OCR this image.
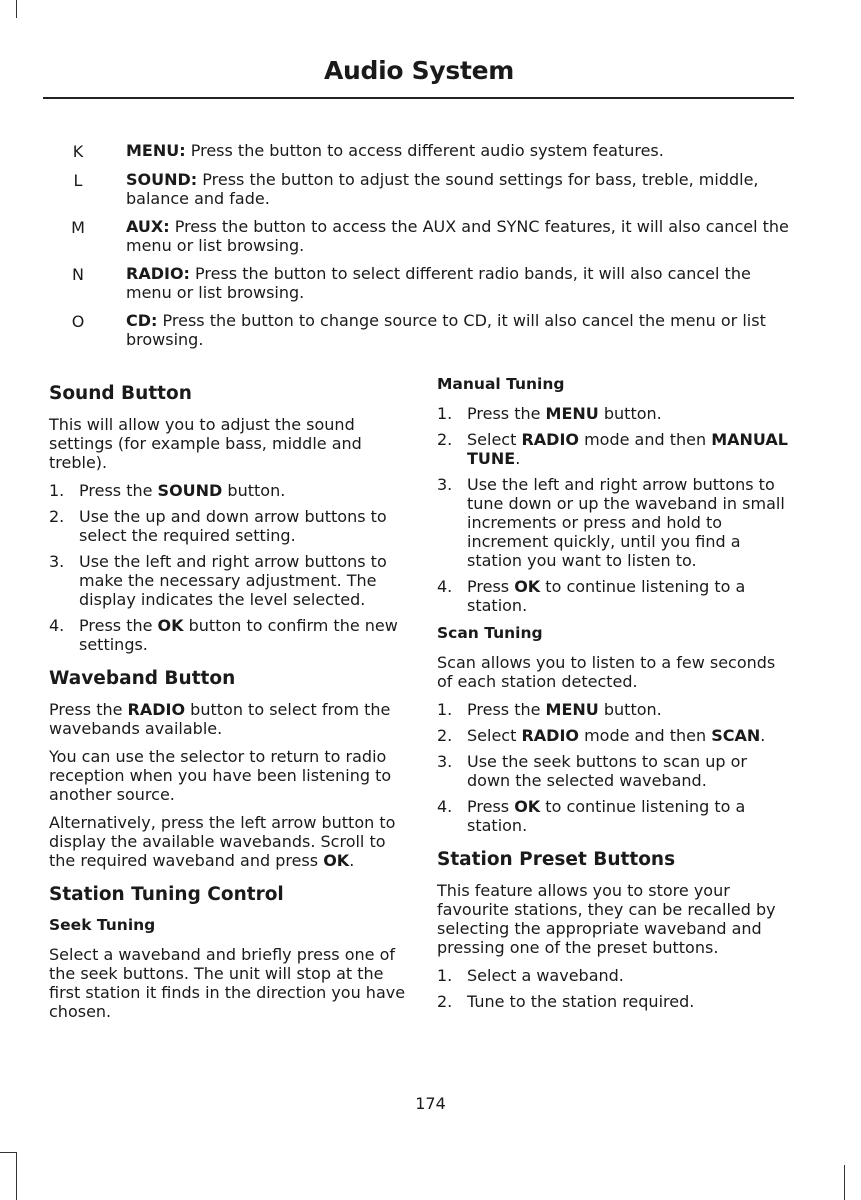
Audio System
K	MENU: Press the button to access different audio system features.
L	SOUND: Press the button to adjust the sound settings for bass, treble, middle, balance and fade.
M	AUX: Press the button to access the AUX and SYNC features, it will also cancel the menu or list browsing.
N	RADIO: Press the button to select different radio bands, it will also cancel the menu or list browsing.
O	CD: Press the button to change source to CD, it will also cancel the menu or list browsing.
Sound Button

This will allow you to adjust the sound settings (for example bass, middle and treble).

1. Press the SOUND button.
2. Use the up and down arrow buttons to select the required setting.
3. Use the left and right arrow buttons to make the necessary adjustment. The display indicates the level selected.
4. Press the OK button to confirm the new settings.
Waveband Button

Press the RADIO button to select from the wavebands available.

You can use the selector to return to radio reception when you have been listening to another source.

Alternatively, press the left arrow button to display the available wavebands. Scroll to the required waveband and press OK.

Station Tuning Control
Seek Tuning

Select a waveband and briefly press one of the seek buttons. The unit will stop at the first station it finds in the direction you have chosen.

Manual Tuning
1. Press the MENU button.
2. Select RADIO mode and then MANUAL TUNE.
3. Use the left and right arrow buttons to tune down or up the waveband in small increments or press and hold to increment quickly, until you find a station you want to listen to.
4. Press OK to continue listening to a station.
Scan Tuning

Scan allows you to listen to a few seconds of each station detected.

1. Press the MENU button.
2. Select RADIO mode and then SCAN.
3. Use the seek buttons to scan up or down the selected waveband.
4. Press OK to continue listening to a station.
Station Preset Buttons

This feature allows you to store your favourite stations, they can be recalled by selecting the appropriate waveband and pressing one of the preset buttons.

1. Select a waveband.
2. Tune to the station required.
174
